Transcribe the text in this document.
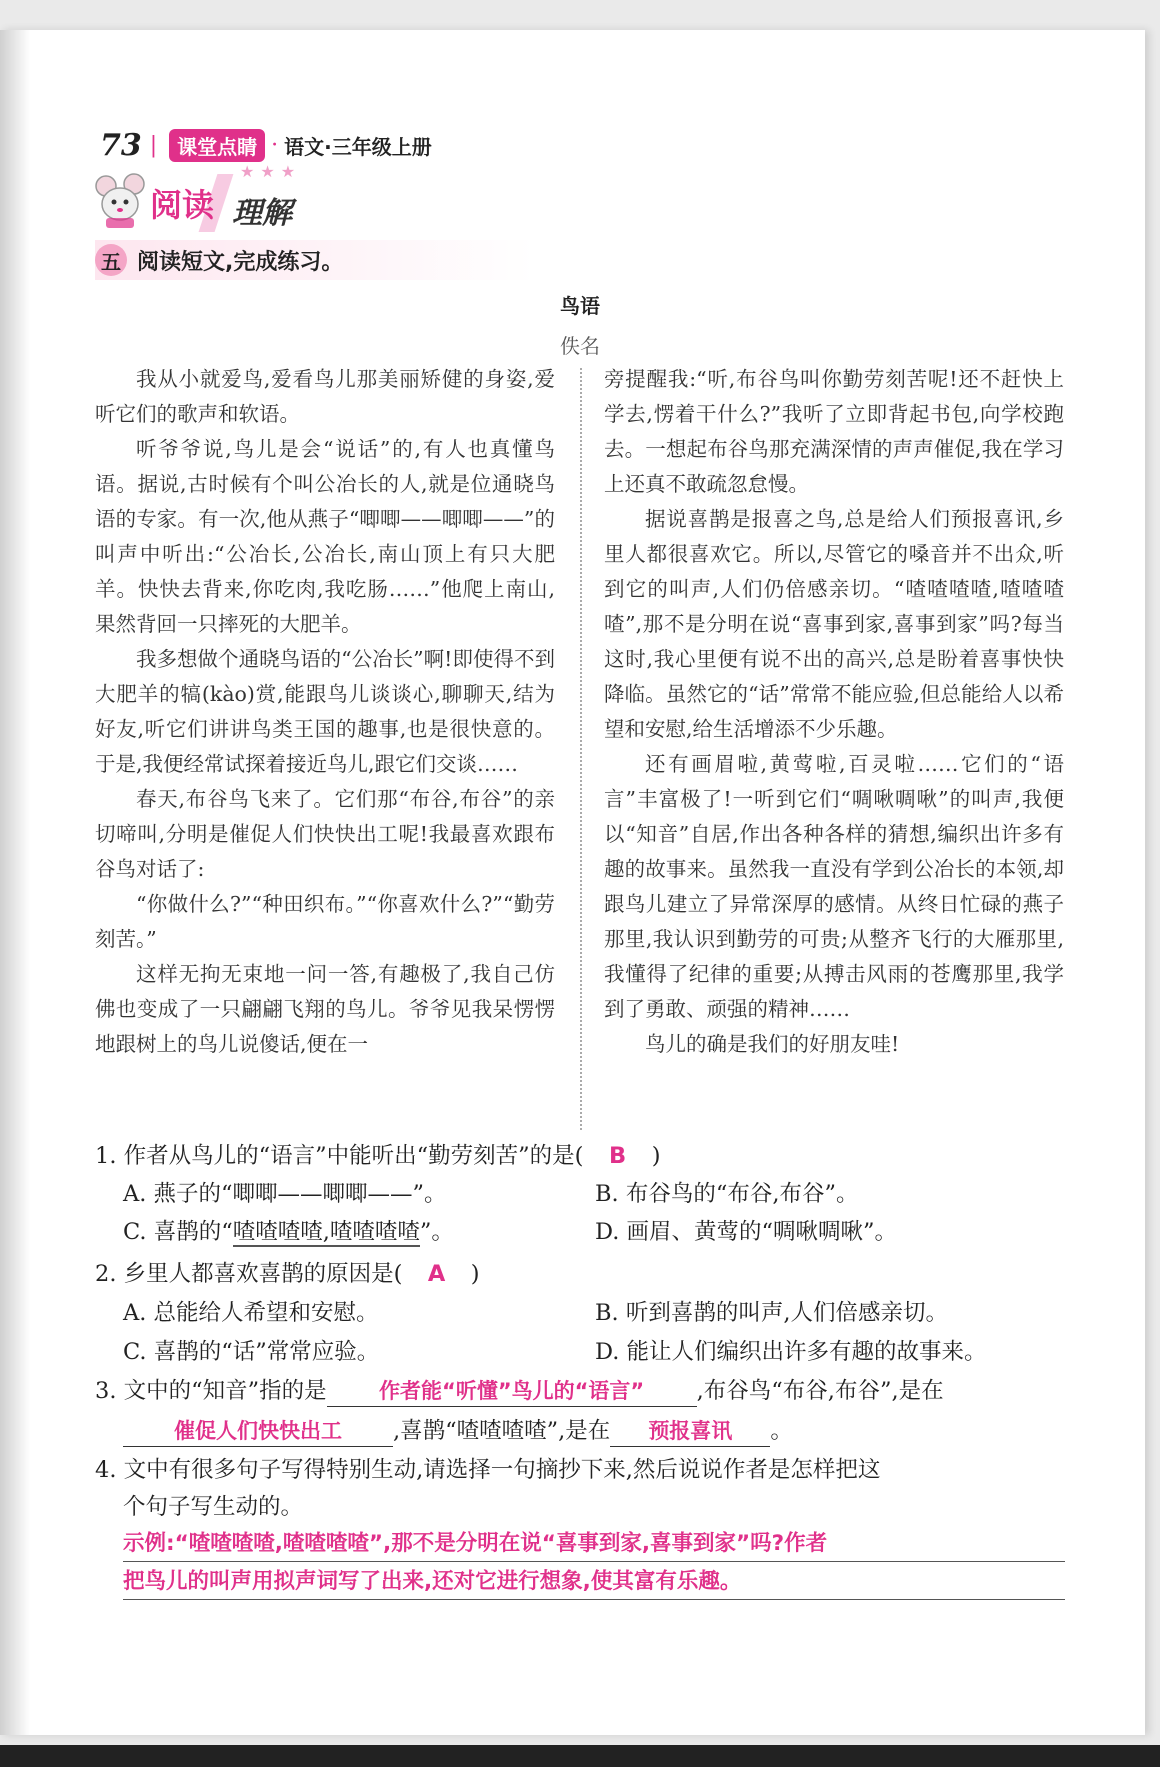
73 |	课堂点睛 · 语文·三年级上册
★★★
阅读 理解
五 阅读短文,完成练习。
鸟语
佚名

我从小就爱鸟,爱看鸟儿那美丽矫健的身姿,爱听它们的歌声和软语。

听爷爷说,鸟儿是会“说话”的,有人也真懂鸟语。据说,古时候有个叫公冶长的人,就是位通晓鸟语的专家。有一次,他从燕子“唧唧——唧唧——”的叫声中听出:“公冶长,公冶长,南山顶上有只大肥羊。快快去背来,你吃肉,我吃肠……”他爬上南山,果然背回一只摔死的大肥羊。

我多想做个通晓鸟语的“公冶长”啊!即使得不到大肥羊的犒(kào)赏,能跟鸟儿谈谈心,聊聊天,结为好友,听它们讲讲鸟类王国的趣事,也是很快意的。于是,我便经常试探着接近鸟儿,跟它们交谈……

春天,布谷鸟飞来了。它们那“布谷,布谷”的亲切啼叫,分明是催促人们快快出工呢!我最喜欢跟布谷鸟对话了:

“你做什么?”“种田织布。”“你喜欢什么?”“勤劳刻苦。”

这样无拘无束地一问一答,有趣极了,我自己仿佛也变成了一只翩翩飞翔的鸟儿。爷爷见我呆愣愣地跟树上的鸟儿说傻话,便在一

旁提醒我:“听,布谷鸟叫你勤劳刻苦呢!还不赶快上学去,愣着干什么?”我听了立即背起书包,向学校跑去。一想起布谷鸟那充满深情的声声催促,我在学习上还真不敢疏忽怠慢。

据说喜鹊是报喜之鸟,总是给人们预报喜讯,乡里人都很喜欢它。所以,尽管它的嗓音并不出众,听到它的叫声,人们仍倍感亲切。“喳喳喳喳,喳喳喳喳”,那不是分明在说“喜事到家,喜事到家”吗?每当这时,我心里便有说不出的高兴,总是盼着喜事快快降临。虽然它的“话”常常不能应验,但总能给人以希望和安慰,给生活增添不少乐趣。

还有画眉啦,黄莺啦,百灵啦……它们的“语言”丰富极了!一听到它们“啁啾啁啾”的叫声,我便以“知音”自居,作出各种各样的猜想,编织出许多有趣的故事来。虽然我一直没有学到公冶长的本领,却跟鸟儿建立了异常深厚的感情。从终日忙碌的燕子那里,我认识到勤劳的可贵;从整齐飞行的大雁那里,我懂得了纪律的重要;从搏击风雨的苍鹰那里,我学到了勇敢、顽强的精神……

鸟儿的确是我们的好朋友哇!

1. 作者从鸟儿的“语言”中能听出“勤劳刻苦”的是( B )
A. 燕子的“唧唧——唧唧——”。	B. 布谷鸟的“布谷,布谷”。
C. 喜鹊的“喳喳喳喳,喳喳喳喳”。	D. 画眉、黄莺的“啁啾啁啾”。
2. 乡里人都喜欢喜鹊的原因是( A )
A. 总能给人希望和安慰。	B. 听到喜鹊的叫声,人们倍感亲切。
C. 喜鹊的“话”常常应验。	D. 能让人们编织出许多有趣的故事来。
3. 文中的“知音”指的是 作者能“听懂”鸟儿的“语言” ,布谷鸟“布谷,布谷”,是在
催促人们快快出工 ,喜鹊“喳喳喳喳”,是在 预报喜讯 。
4. 文中有很多句子写得特别生动,请选择一句摘抄下来,然后说说作者是怎样把这
个句子写生动的。
示例:“喳喳喳喳,喳喳喳喳”,那不是分明在说“喜事到家,喜事到家”吗?作者
把鸟儿的叫声用拟声词写了出来,还对它进行想象,使其富有乐趣。
